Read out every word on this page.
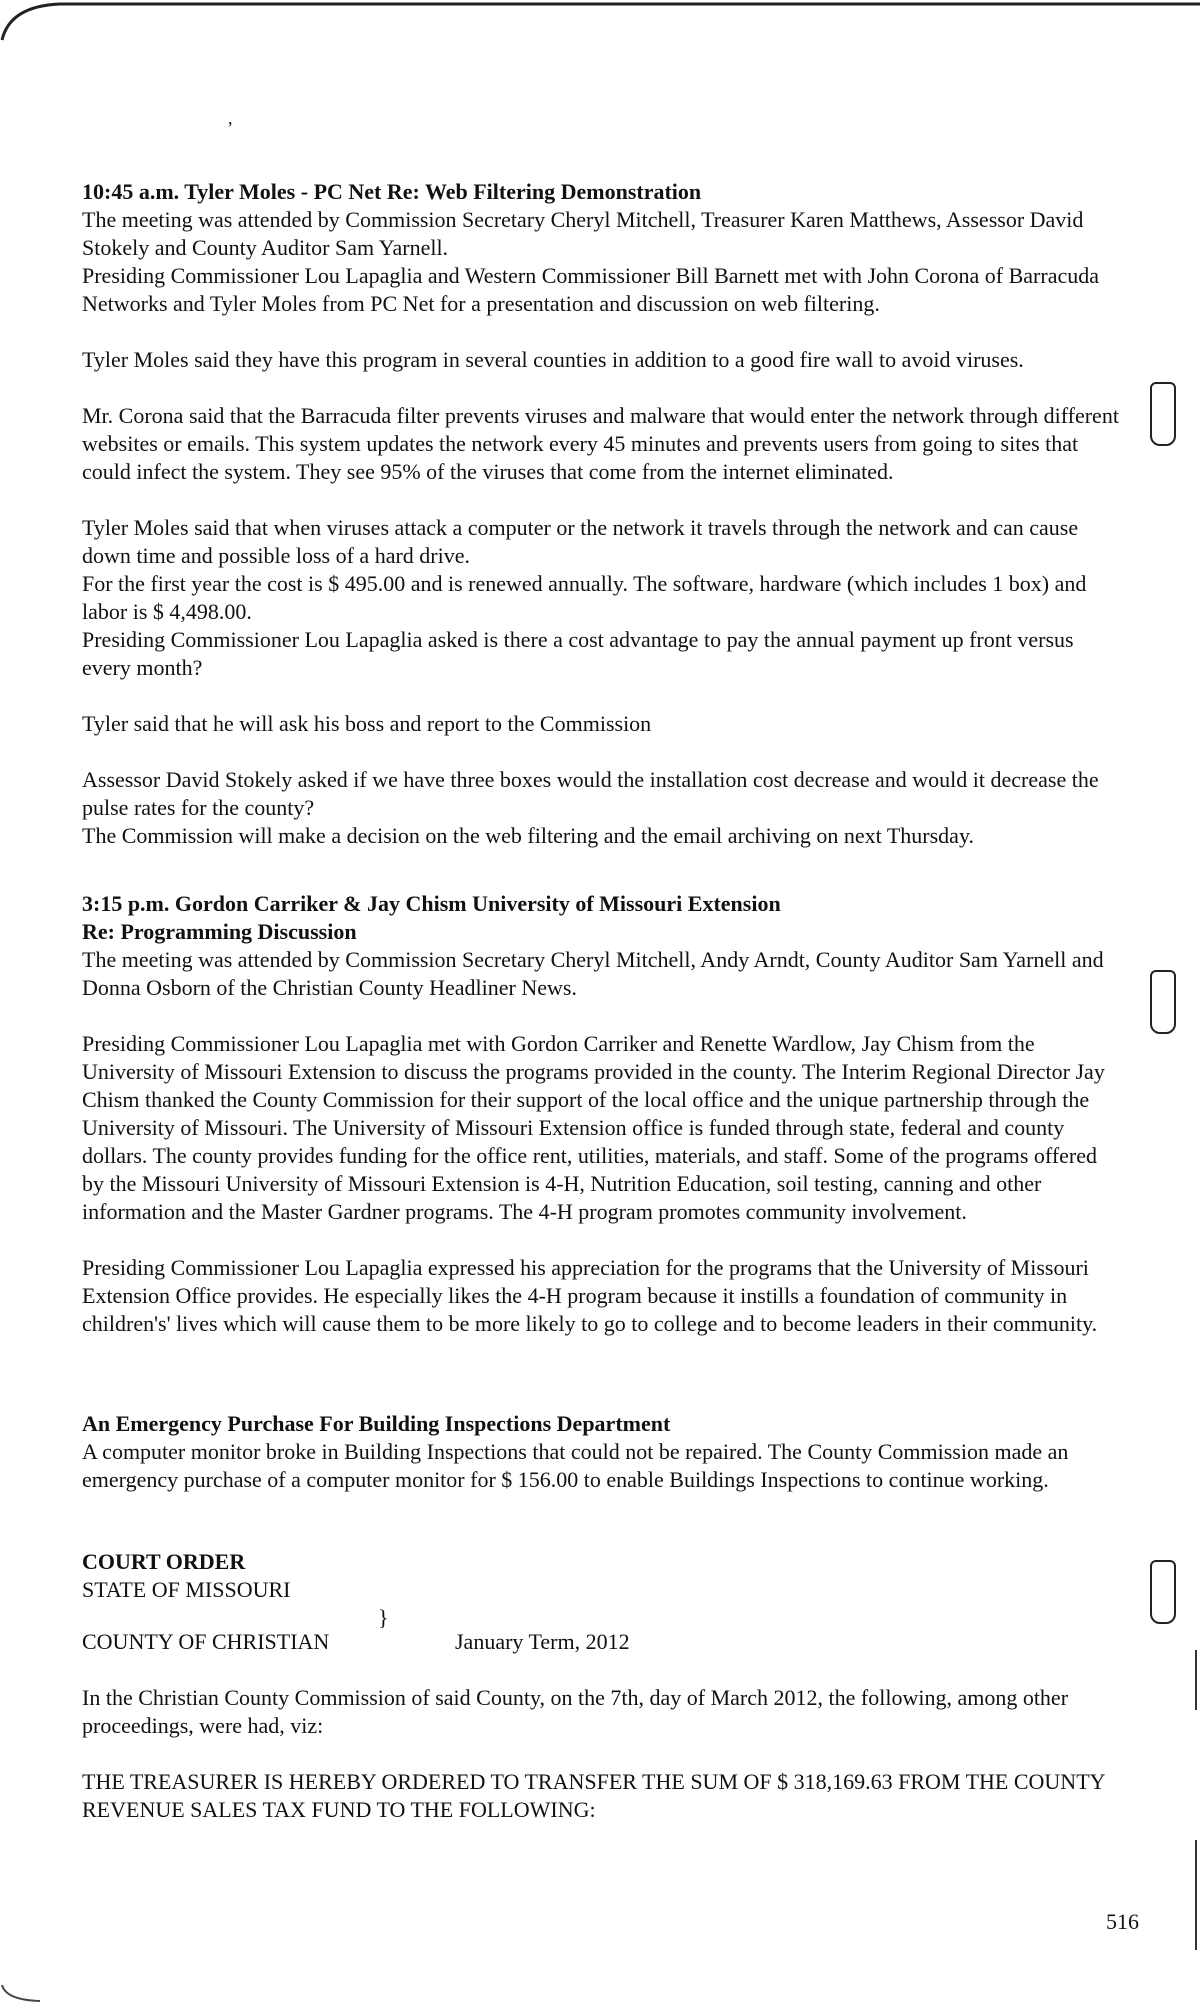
,

10:45 a.m. Tyler Moles - PC Net Re: Web Filtering Demonstration

The meeting was attended by Commission Secretary Cheryl Mitchell, Treasurer Karen Matthews, Assessor David Stokely and County Auditor Sam Yarnell.

Presiding Commissioner Lou Lapaglia and Western Commissioner Bill Barnett met with John Corona of Barracuda Networks and Tyler Moles from PC Net for a presentation and discussion on web filtering.

Tyler Moles said they have this program in several counties in addition to a good fire wall to avoid viruses.

Mr. Corona said that the Barracuda filter prevents viruses and malware that would enter the network through different websites or emails. This system updates the network every 45 minutes and prevents users from going to sites that could infect the system. They see 95% of the viruses that come from the internet eliminated.

Tyler Moles said that when viruses attack a computer or the network it travels through the network and can cause down time and possible loss of a hard drive.

For the first year the cost is $ 495.00 and is renewed annually. The software, hardware (which includes 1 box) and labor is $ 4,498.00.

Presiding Commissioner Lou Lapaglia asked is there a cost advantage to pay the annual payment up front versus every month?

Tyler said that he will ask his boss and report to the Commission

Assessor David Stokely asked if we have three boxes would the installation cost decrease and would it decrease the pulse rates for the county?

The Commission will make a decision on the web filtering and the email archiving on next Thursday.

3:15 p.m. Gordon Carriker & Jay Chism University of Missouri Extension

Re: Programming Discussion

The meeting was attended by Commission Secretary Cheryl Mitchell, Andy Arndt, County Auditor Sam Yarnell and Donna Osborn of the Christian County Headliner News.

Presiding Commissioner Lou Lapaglia met with Gordon Carriker and Renette Wardlow, Jay Chism from the University of Missouri Extension to discuss the programs provided in the county. The Interim Regional Director Jay Chism thanked the County Commission for their support of the local office and the unique partnership through the University of Missouri. The University of Missouri Extension office is funded through state, federal and county dollars. The county provides funding for the office rent, utilities, materials, and staff. Some of the programs offered by the Missouri University of Missouri Extension is 4-H, Nutrition Education, soil testing, canning and other information and the Master Gardner programs. The 4-H program promotes community involvement.

Presiding Commissioner Lou Lapaglia expressed his appreciation for the programs that the University of Missouri Extension Office provides. He especially likes the 4-H program because it instills a foundation of community in children's' lives which will cause them to be more likely to go to college and to become leaders in their community.

An Emergency Purchase For Building Inspections Department

A computer monitor broke in Building Inspections that could not be repaired. The County Commission made an emergency purchase of a computer monitor for $ 156.00 to enable Buildings Inspections to continue working.

COURT ORDER

STATE OF MISSOURI

}
COUNTY OF CHRISTIAN	January Term, 2012

In the Christian County Commission of said County, on the 7th, day of March 2012, the following, among other proceedings, were had, viz:

THE TREASURER IS HEREBY ORDERED TO TRANSFER THE SUM OF $ 318,169.63 FROM THE COUNTY REVENUE SALES TAX FUND TO THE FOLLOWING:

516
